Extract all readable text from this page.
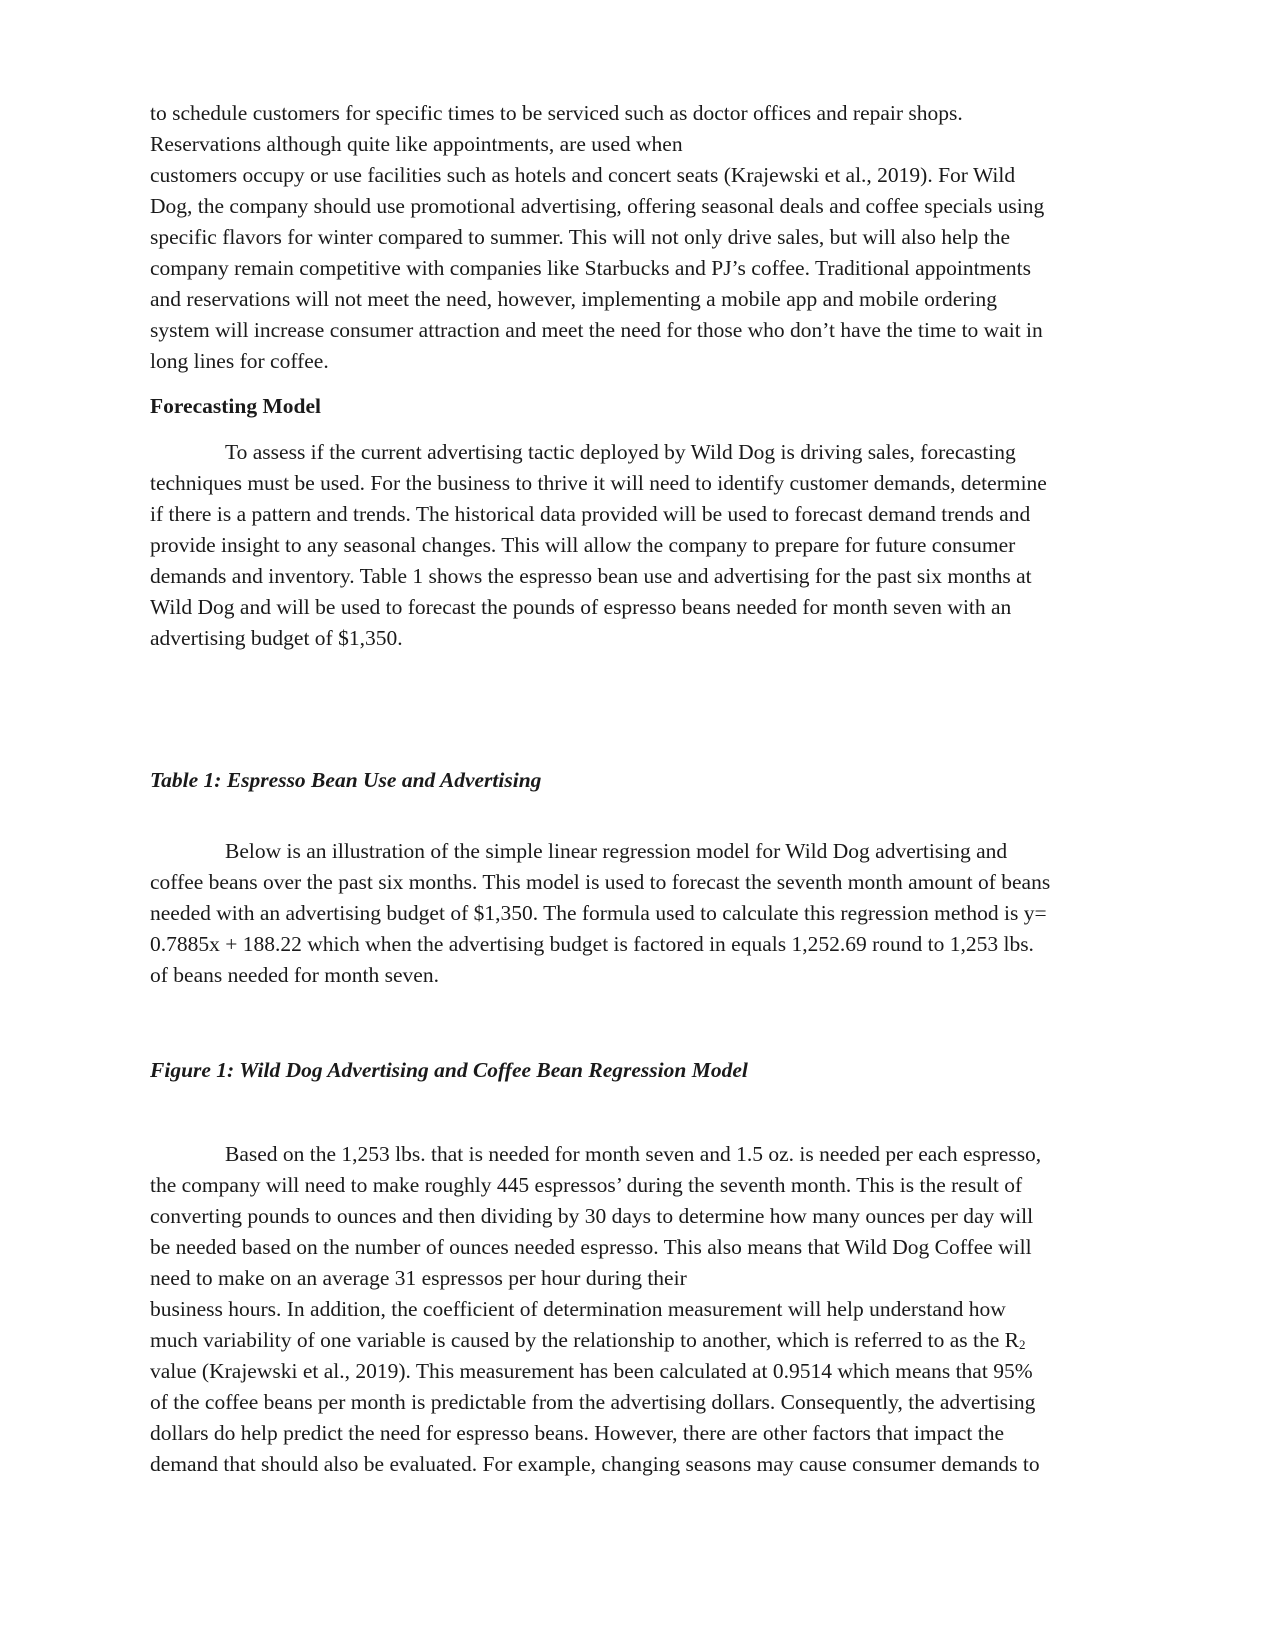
to schedule customers for specific times to be serviced such as doctor offices and repair shops.
Reservations although quite like appointments, are used when
customers occupy or use facilities such as hotels and concert seats (Krajewski et al., 2019). For Wild
Dog, the company should use promotional advertising, offering seasonal deals and coffee specials using
specific flavors for winter compared to summer. This will not only drive sales, but will also help the
company remain competitive with companies like Starbucks and PJ’s coffee. Traditional appointments
and reservations will not meet the need, however, implementing a mobile app and mobile ordering
system will increase consumer attraction and meet the need for those who don’t have the time to wait in
long lines for coffee.
Forecasting Model
To assess if the current advertising tactic deployed by Wild Dog is driving sales, forecasting
techniques must be used. For the business to thrive it will need to identify customer demands, determine
if there is a pattern and trends. The historical data provided will be used to forecast demand trends and
provide insight to any seasonal changes. This will allow the company to prepare for future consumer
demands and inventory. Table 1 shows the espresso bean use and advertising for the past six months at
Wild Dog and will be used to forecast the pounds of espresso beans needed for month seven with an
advertising budget of $1,350.
Table 1: Espresso Bean Use and Advertising
Below is an illustration of the simple linear regression model for Wild Dog advertising and
coffee beans over the past six months. This model is used to forecast the seventh month amount of beans
needed with an advertising budget of $1,350. The formula used to calculate this regression method is y=
0.7885x + 188.22 which when the advertising budget is factored in equals 1,252.69 round to 1,253 lbs.
of beans needed for month seven.
Figure 1: Wild Dog Advertising and Coffee Bean Regression Model
Based on the 1,253 lbs. that is needed for month seven and 1.5 oz. is needed per each espresso,
the company will need to make roughly 445 espressos’ during the seventh month. This is the result of
converting pounds to ounces and then dividing by 30 days to determine how many ounces per day will
be needed based on the number of ounces needed espresso. This also means that Wild Dog Coffee will
need to make on an average 31 espressos per hour during their
business hours. In addition, the coefficient of determination measurement will help understand how
much variability of one variable is caused by the relationship to another, which is referred to as the $R_2$
value (Krajewski et al., 2019). This measurement has been calculated at 0.9514 which means that 95%
of the coffee beans per month is predictable from the advertising dollars. Consequently, the advertising
dollars do help predict the need for espresso beans. However, there are other factors that impact the
demand that should also be evaluated. For example, changing seasons may cause consumer demands to
